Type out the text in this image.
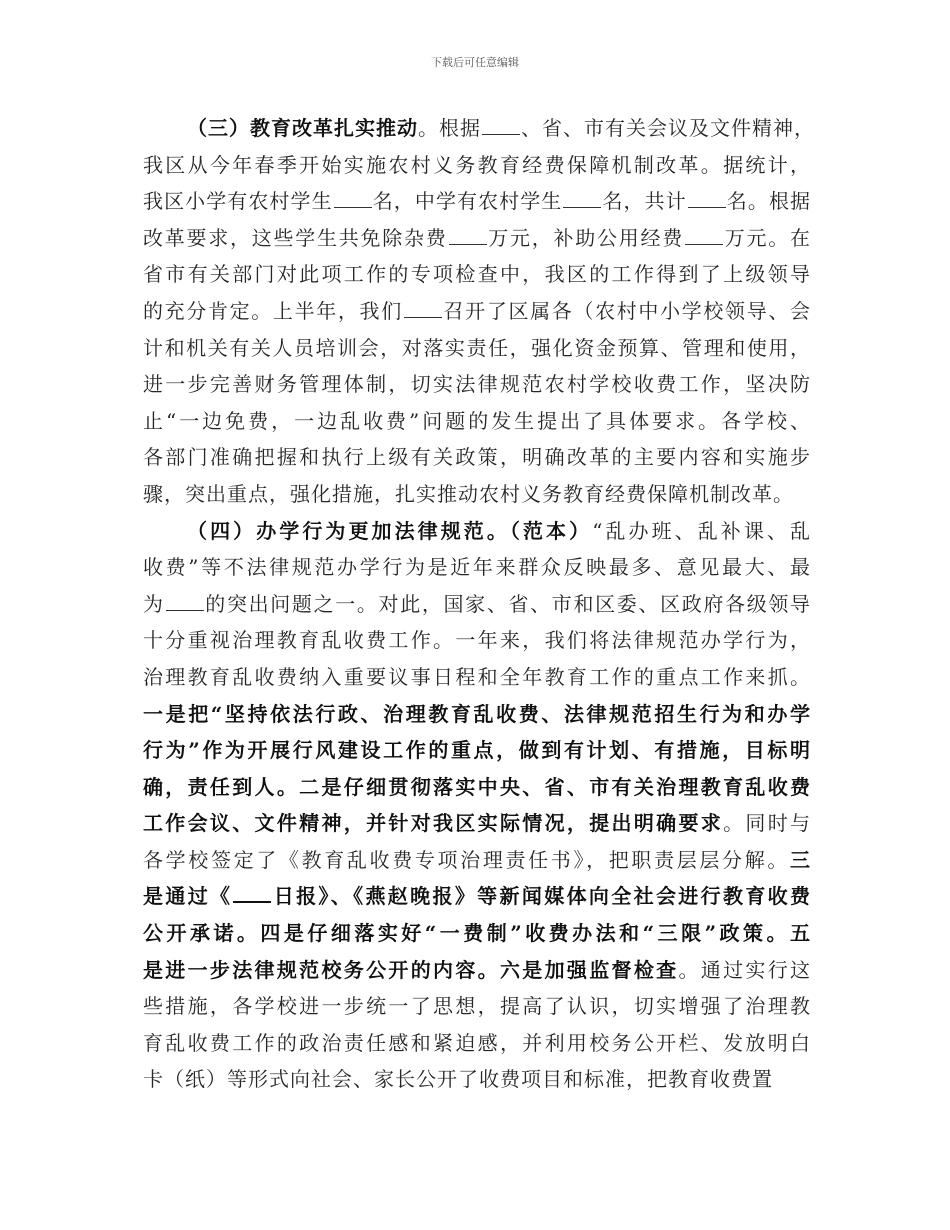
下载后可任意编辑
（三）教育改革扎实推动。根据 、省、市有关会议及文件精神，
我区从今年春季开始实施农村义务教育经费保障机制改革。据统计，
我区小学有农村学生 名，中学有农村学生 名，共计 名。根据
改革要求，这些学生共免除杂费 万元，补助公用经费 万元。在
省市有关部门对此项工作的专项检查中，我区的工作得到了上级领导
的充分肯定。上半年，我们 召开了区属各（农村中小学校领导、会
计和机关有关人员培训会，对落实责任，强化资金预算、管理和使用，
进一步完善财务管理体制，切实法律规范农村学校收费工作，坚决防
止“一边免费，一边乱收费”问题的发生提出了具体要求。各学校、
各部门准确把握和执行上级有关政策，明确改革的主要内容和实施步
骤，突出重点，强化措施，扎实推动农村义务教育经费保障机制改革。
（四）办学行为更加法律规范。（范本）“乱办班、乱补课、乱
收费”等不法律规范办学行为是近年来群众反映最多、意见最大、最
为 的突出问题之一。对此，国家、省、市和区委、区政府各级领导
十分重视治理教育乱收费工作。一年来，我们将法律规范办学行为，
治理教育乱收费纳入重要议事日程和全年教育工作的重点工作来抓。
一是把“坚持依法行政、治理教育乱收费、法律规范招生行为和办学
行为”作为开展行风建设工作的重点，做到有计划、有措施，目标明
确，责任到人。二是仔细贯彻落实中央、省、市有关治理教育乱收费
工作会议、文件精神，并针对我区实际情况，提出明确要求。同时与
各学校签定了《教育乱收费专项治理责任书》，把职责层层分解。三
是通过《 日报》、《燕赵晚报》等新闻媒体向全社会进行教育收费
公开承诺。四是仔细落实好“一费制”收费办法和“三限”政策。五
是进一步法律规范校务公开的内容。六是加强监督检查。通过实行这
些措施，各学校进一步统一了思想，提高了认识，切实增强了治理教
育乱收费工作的政治责任感和紧迫感，并利用校务公开栏、发放明白
卡（纸）等形式向社会、家长公开了收费项目和标准，把教育收费置
